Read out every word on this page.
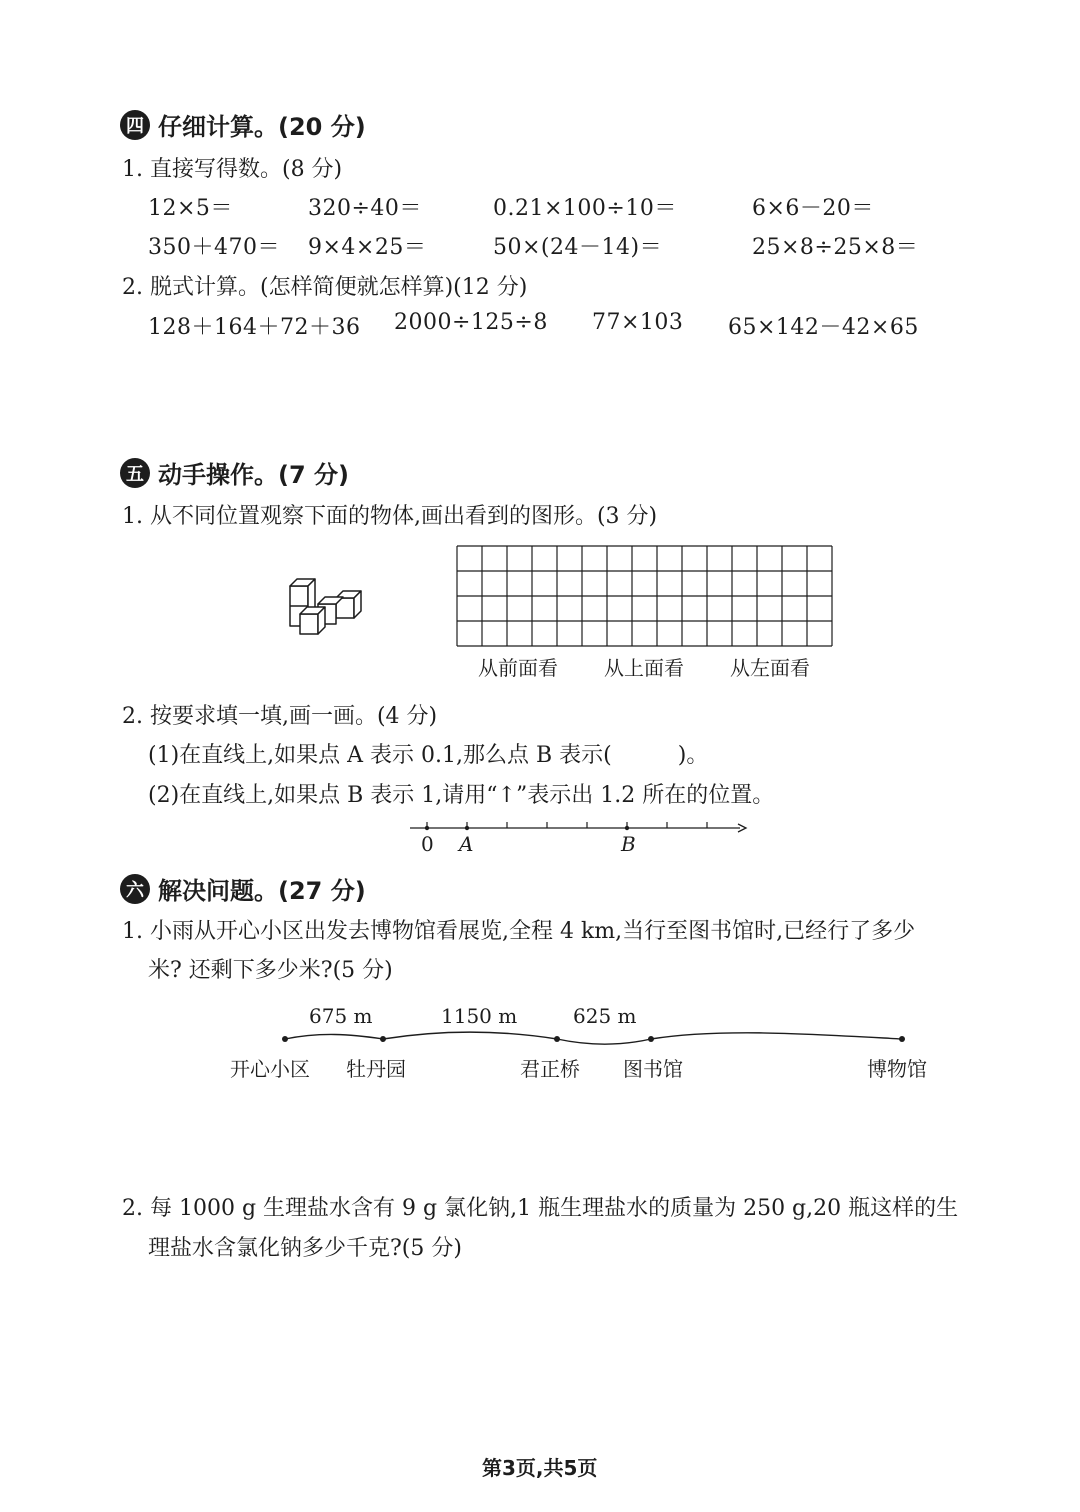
四 仔细计算。(20 分)
1. 直接写得数。(8 分)
12×5＝	320÷40＝	0.21×100÷10＝	6×6－20＝
350＋470＝ 9×4×25＝	50×(24－14)＝	25×8÷25×8＝
2. 脱式计算。(怎样简便就怎样算)(12 分)
128＋164＋72＋36 2000÷125÷8 77×103 65×142－42×65
五 动手操作。(7 分)
1. 从不同位置观察下面的物体,画出看到的图形。(3 分)
从前面看 从上面看 从左面看
2. 按要求填一填,画一画。(4 分)
(1)在直线上,如果点 A 表示 0.1,那么点 B 表示(　　　)。
(2)在直线上,如果点 B 表示 1,请用“↑”表示出 1.2 所在的位置。
0 A	B
六 解决问题。(27 分)
1. 小雨从开心小区出发去博物馆看展览,全程 4 km,当行至图书馆时,已经行了多少
米? 还剩下多少米?(5 分)
675 m	1150 m	625 m
开心小区 牡丹园	君正桥 图书馆	博物馆
2. 每 1000 g 生理盐水含有 9 g 氯化钠,1 瓶生理盐水的质量为 250 g,20 瓶这样的生
理盐水含氯化钠多少千克?(5 分)
第3页,共5页
